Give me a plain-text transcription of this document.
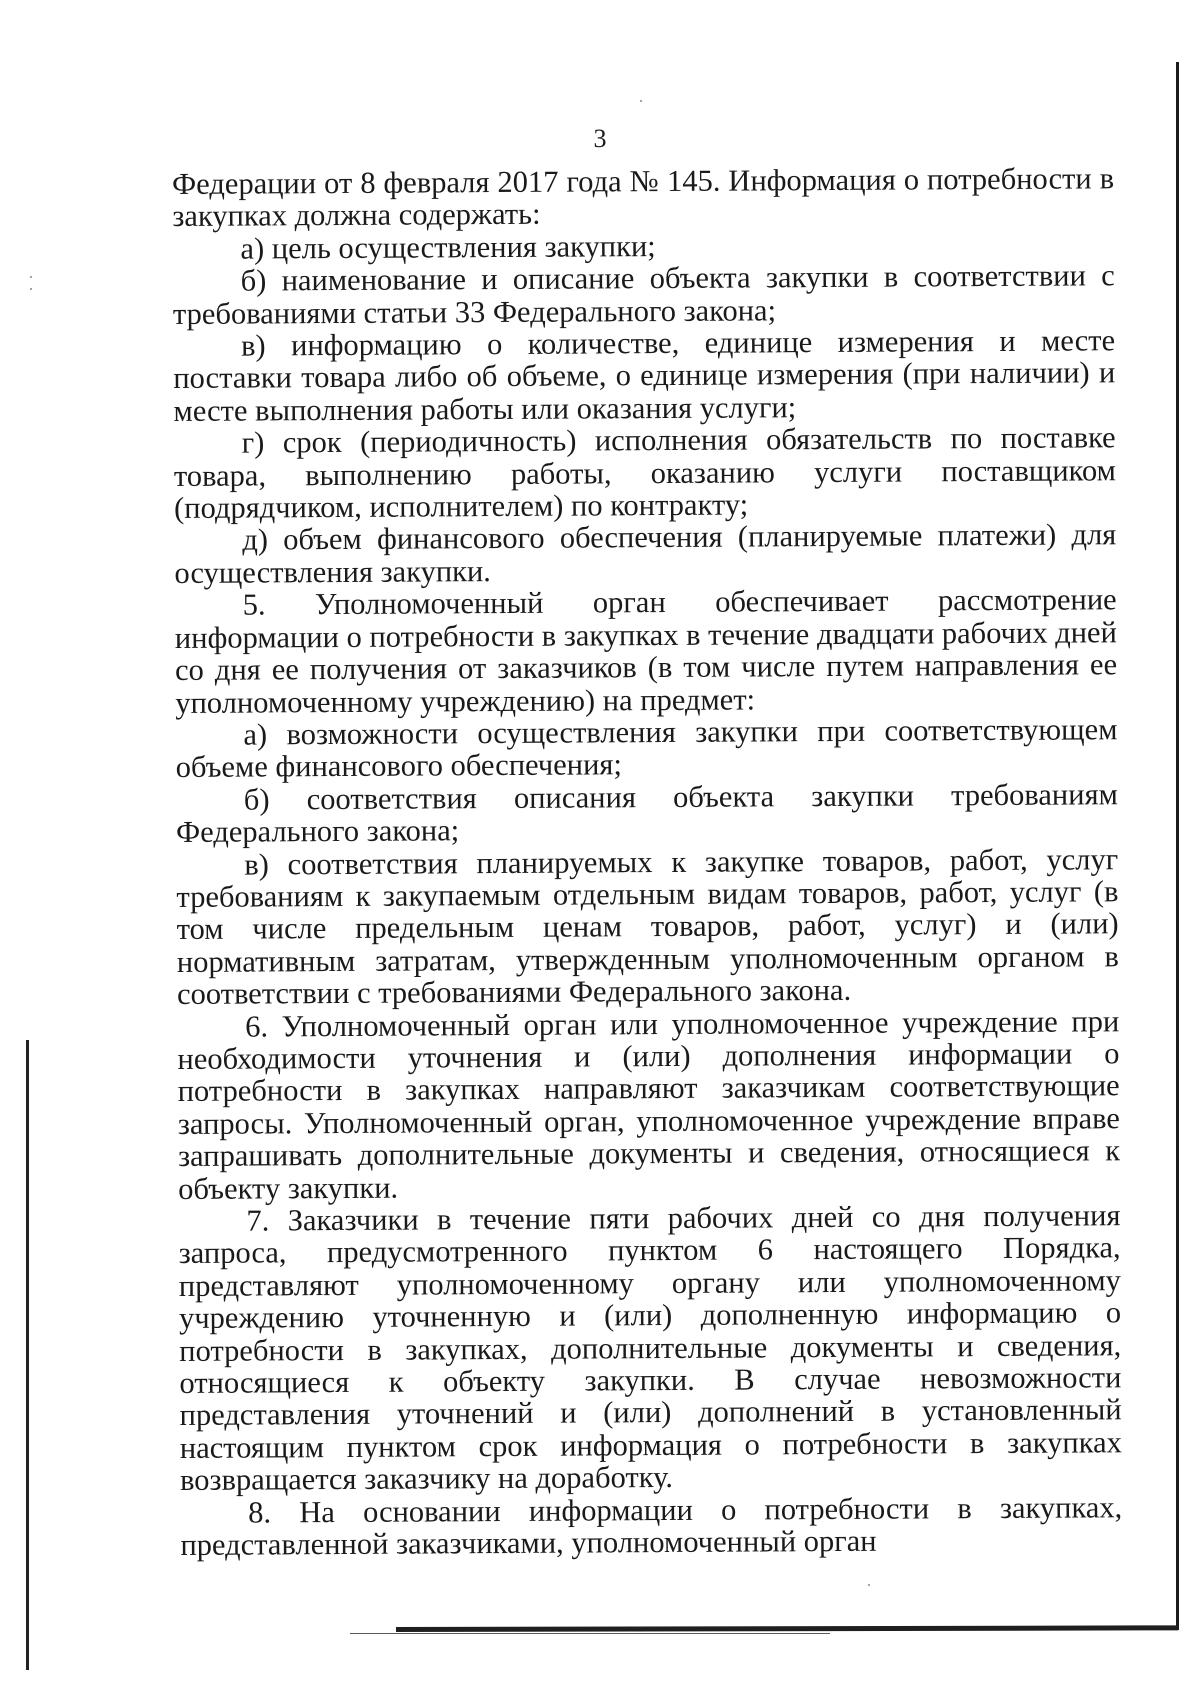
3

Федерации от 8 февраля 2017 года № 145. Информация о потребности в закупках должна содержать:

а) цель осуществления закупки;

б) наименование и описание объекта закупки в соответствии с требованиями статьи 33 Федерального закона;

в) информацию о количестве, единице измерения и месте поставки товара либо об объеме, о единице измерения (при наличии) и месте выполнения работы или оказания услуги;

г) срок (периодичность) исполнения обязательств по поставке товара, выполнению работы, оказанию услуги поставщиком (подрядчиком, исполнителем) по контракту;

д) объем финансового обеспечения (планируемые платежи) для осуществления закупки.

5. Уполномоченный орган обеспечивает рассмотрение информации о потребности в закупках в течение двадцати рабочих дней со дня ее получения от заказчиков (в том числе путем направления ее уполномоченному учреждению) на предмет:

а) возможности осуществления закупки при соответствующем объеме финансового обеспечения;

б) соответствия описания объекта закупки требованиям Федерального закона;

в) соответствия планируемых к закупке товаров, работ, услуг требованиям к закупаемым отдельным видам товаров, работ, услуг (в том числе предельным ценам товаров, работ, услуг) и (или) нормативным затратам, утвержденным уполномоченным органом в соответствии с требованиями Федерального закона.

6. Уполномоченный орган или уполномоченное учреждение при необходимости уточнения и (или) дополнения информации о потребности в закупках направляют заказчикам соответствующие запросы. Уполномоченный орган, уполномоченное учреждение вправе запрашивать дополнительные документы и сведения, относящиеся к объекту закупки.

7. Заказчики в течение пяти рабочих дней со дня получения запроса, предусмотренного пунктом 6 настоящего Порядка, представляют уполномоченному органу или уполномоченному учреждению уточненную и (или) дополненную информацию о потребности в закупках, дополнительные документы и сведения, относящиеся к объекту закупки. В случае невозможности представления уточнений и (или) дополнений в установленный настоящим пунктом срок информация о потребности в закупках возвращается заказчику на доработку.

8. На основании информации о потребности в закупках, представленной заказчиками, уполномоченный орган
